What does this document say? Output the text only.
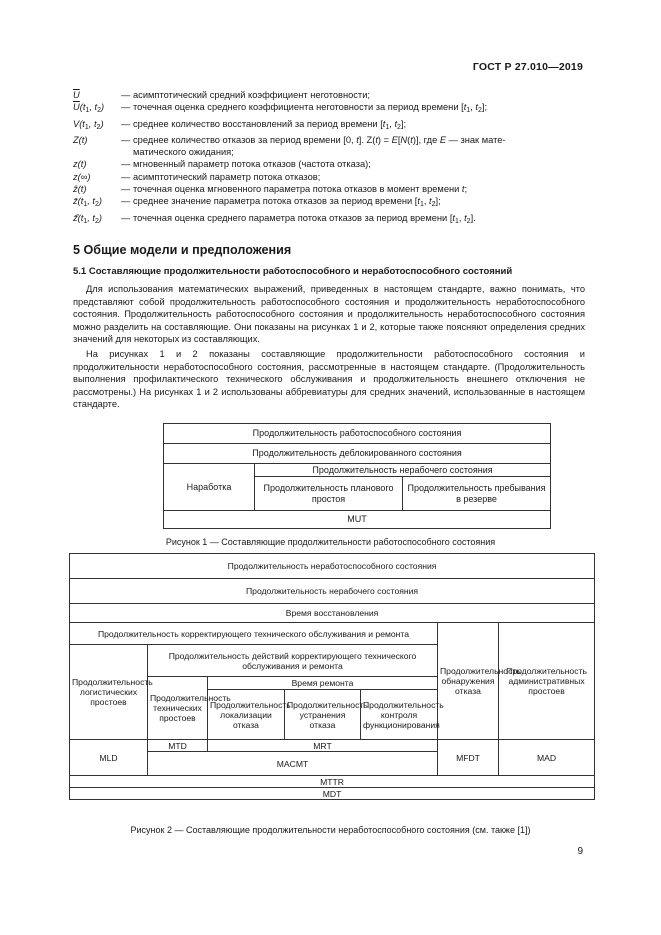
ГОСТ Р 27.010—2019
$\overline{U}$	— асимптотический средний коэффициент неготовности;
$U(t_1$, $t_2$)	— точечная оценка среднего коэффициента неготовности за период времени [$t_1$, $t_2$];
$V(t_1$, $t_2$)	— среднее количество восстановлений за период времени [$t_1$, $t_2$];
Z(t)	— среднее количество отказов за период времени [0, t]. Z(t) = E[N(t)], где E — знак мате-
матического ожидания;
z(t)	— мгновенный параметр потока отказов (частота отказа);
z(∞)	— асимптотический параметр потока отказов;
ẑ(t)	— точечная оценка мгновенного параметра потока отказов в момент времени t;
$z̄(t_1$, $t_2$)	— среднее значение параметра потока отказов за период времени [$t_1$, $t_2$];
$z̄̂(t_1$, $t_2$)	— точечная оценка среднего параметра потока отказов за период времени [$t_1$, $t_2$].
5 Общие модели и предположения
5.1 Составляющие продолжительности работоспособного и неработоспособного состояний
Для использования математических выражений, приведенных в настоящем стандарте, важно понимать, что представляют собой продолжительность работоспособного состояния и продолжительность неработоспособного состояния. Продолжительность работоспособного состояния и продолжительность неработоспособного состояния можно разделить на составляющие. Они показаны на рисунках 1 и 2, которые также поясняют определения средних значений для некоторых из составляющих.
На рисунках 1 и 2 показаны составляющие продолжительности работоспособного состояния и продолжительности неработоспособного состояния, рассмотренные в настоящем стандарте. (Продолжительность выполнения профилактического технического обслуживания и продолжительность внешнего отключения не рассмотрены.) На рисунках 1 и 2 использованы аббревиатуры для средних значений, использованные в настоящем стандарте.
Продолжительность работоспособного состояния		
Продолжительность деблокированного состояния		
Наработка	Продолжительность нерабочего состояния	
	Продолжительность планового простоя	Продолжительность пребывания в резерве
MUT		
Рисунок 1 — Составляющие продолжительности работоспособного состояния
Продолжительность неработоспособного состояния						
Продолжительность нерабочего состояния						
Время восстановления						
Продолжительность корректирующего технического обслуживания и ремонта					Продолжительность обнаружения отказа	Продолжительность административных простоев
Продолжительность логистических простоев	Продолжительность действий корректирующего технического обслуживания и ремонта					
	Продолжительность технических простоев	Время ремонта				
		Продолжительность локализации отказа	Продолжительность устранения отказа	Продолжительность контроля функционирования		
MLD	MTD	MRT			MFDT	MAD
	MACMT					
MTTR						
MDT						
Рисунок 2 — Составляющие продолжительности неработоспособного состояния (см. также [1])
9
